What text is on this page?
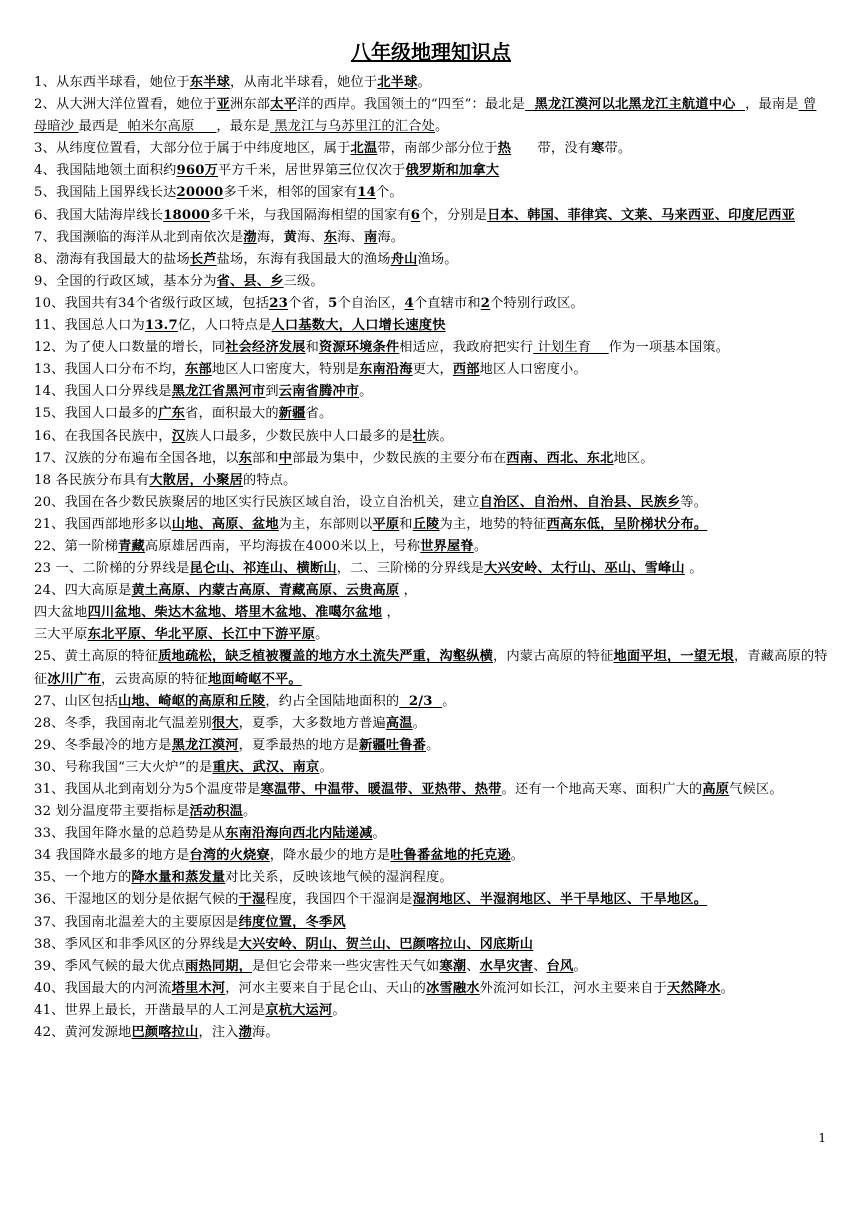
八年级地理知识点
1、从东西半球看，她位于东半球，从南北半球看，她位于北半球。
2、从大洲大洋位置看，她位于亚洲东部太平洋的西岸。我国领土的“四至”：最北是  黑龙江漠河以北黑龙江主航道中心  ，最南是 曾母暗沙 最西是  帕米尔高原     ，最东是 黑龙江与乌苏里江的汇合处。
3、从纬度位置看，大部分位于属于中纬度地区，属于北温带，南部少部分位于热      带，没有寒带。
4、我国陆地领土面积约960万平方千米，居世界第三位仅次于俄罗斯和加拿大
5、我国陆上国界线长达20000多千米，相邻的国家有14个。
6、我国大陆海岸线长18000多千米，与我国隔海相望的国家有6个，分别是日本、韩国、菲律宾、文莱、马来西亚、印度尼西亚
7、我国濒临的海洋从北到南依次是渤海，黄海、东海、南海。
8、渤海有我国最大的盐场长芦盐场，东海有我国最大的渔场舟山渔场。
9、全国的行政区域，基本分为省、县、乡三级。
10、我国共有34个省级行政区域，包括23个省，5个自治区，4个直辖市和2个特别行政区。
11、我国总人口为13.7亿，人口特点是人口基数大，人口增长速度快
12、为了使人口数量的增长，同社会经济发展和资源环境条件相适应，我政府把实行 计划生育    作为一项基本国策。
13、我国人口分布不均，东部地区人口密度大，特别是东南沿海更大，西部地区人口密度小。
14、我国人口分界线是黑龙江省黑河市到云南省腾冲市。
15、我国人口最多的广东省，面积最大的新疆省。
16、在我国各民族中，汉族人口最多，少数民族中人口最多的是壮族。
17、汉族的分布遍布全国各地，以东部和中部最为集中，少数民族的主要分布在西南、西北、东北地区。
18 各民族分布具有大散居，小聚居的特点。
20、我国在各少数民族聚居的地区实行民族区域自治，设立自治机关，建立自治区、自治州、自治县、民族乡等。
21、我国西部地形多以山地、高原、盆地为主，东部则以平原和丘陵为主，地势的特征西高东低，呈阶梯状分布。
22、第一阶梯青藏高原雄居西南，平均海拔在4000米以上，号称世界屋脊。
23 一、二阶梯的分界线是昆仑山、祁连山、横断山，二、三阶梯的分界线是大兴安岭、太行山、巫山、雪峰山 。
24、四大高原是黄土高原、内蒙古高原、青藏高原、云贵高原 ，
四大盆地四川盆地、柴达木盆地、塔里木盆地、准噶尔盆地 ，
三大平原东北平原、华北平原、长江中下游平原。
25、黄土高原的特征质地疏松，缺乏植被覆盖的地方水土流失严重，沟壑纵横，内蒙古高原的特征地面平坦，一望无垠，青藏高原的特征冰川广布，云贵高原的特征地面崎岖不平。
27、山区包括山地、崎岖的高原和丘陵，约占全国陆地面积的  2/3  。
28、冬季，我国南北气温差别很大，夏季，大多数地方普遍高温。
29、冬季最冷的地方是黑龙江漠河，夏季最热的地方是新疆吐鲁番。
30、号称我国“三大火炉”的是重庆、武汉、南京。
31、我国从北到南划分为5个温度带是寒温带、中温带、暖温带、亚热带、热带。还有一个地高天寒、面积广大的高原气候区。
32 划分温度带主要指标是活动积温。
33、我国年降水量的总趋势是从东南沿海向西北内陆递减。
34 我国降水最多的地方是台湾的火烧寮，降水最少的地方是吐鲁番盆地的托克逊。
35、一个地方的降水量和蒸发量对比关系，反映该地气候的湿润程度。
36、干湿地区的划分是依据气候的干湿程度，我国四个干湿润是湿润地区、半湿润地区、半干旱地区、干旱地区。
37、我国南北温差大的主要原因是纬度位置，冬季风
38、季风区和非季风区的分界线是大兴安岭、阴山、贺兰山、巴颜喀拉山、冈底斯山
39、季风气候的最大优点雨热同期，是但它会带来一些灾害性天气如寒潮、水旱灾害、台风。
40、我国最大的内河流塔里木河，河水主要来自于昆仑山、天山的冰雪融水外流河如长江，河水主要来自于天然降水。
41、世界上最长，开凿最早的人工河是京杭大运河。
42、黄河发源地巴颜喀拉山，注入渤海。
1
